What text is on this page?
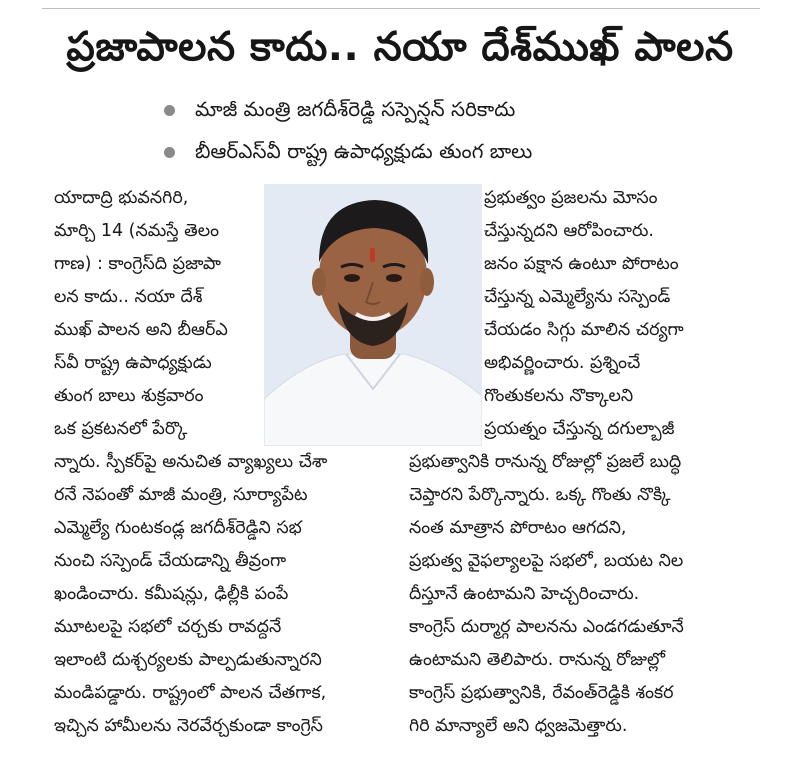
ప్రజాపాలన కాదు.. నయా దేశ్‌ముఖ్ పాలన
మాజీ మంత్రి జగదీశ్‌రెడ్డి సస్పెన్షన్ సరికాదు
బీఆర్‌ఎస్‌వీ రాష్ట్ర ఉపాధ్యక్షుడు తుంగ బాలు

యాదాద్రి భువనగిరి,

మార్చి 14 (నమస్తే తెలం

గాణ) : కాంగ్రెస్‌ది ప్రజాపా

లన కాదు.. నయా దేశ్

ముఖ్ పాలన అని బీఆర్‌ఎ

స్‌వీ రాష్ట్ర ఉపాధ్యక్షుడు

తుంగ బాలు శుక్రవారం

ఒక ప్రకటనలో పేర్కొ

ప్రభుత్వం ప్రజలను మోసం

చేస్తున్నదని ఆరోపించారు.

జనం పక్షాన ఉంటూ పోరాటం

చేస్తున్న ఎమ్మెల్యేను సస్పెండ్

చేయడం సిగ్గు మాలిన చర్యగా

అభివర్ణించారు. ప్రశ్నించే

గొంతుకలను నొక్కాలని

ప్రయత్నం చేస్తున్న దగుల్బాజీ

న్నారు. స్పీకర్‌పై అనుచిత వ్యాఖ్యలు చేశా

రనే నెపంతో మాజీ మంత్రి, సూర్యాపేట

ఎమ్మెల్యే గుంటకండ్ల జగదీశ్‌రెడ్డిని సభ

నుంచి సస్పెండ్ చేయడాన్ని తీవ్రంగా

ఖండించారు. కమీషన్లు, ఢిల్లీకి పంపే

మూటలపై సభలో చర్చకు రావద్దనే

ఇలాంటి దుశ్చర్యలకు పాల్పడుతున్నారని

మండిపడ్డారు. రాష్ట్రంలో పాలన చేతగాక,

ఇచ్చిన హామీలను నెరవేర్చకుండా కాంగ్రెస్

ప్రభుత్వానికి రానున్న రోజుల్లో ప్రజలే బుద్ధి

చెప్తారని పేర్కొన్నారు. ఒక్క గొంతు నొక్కి

నంత మాత్రాన పోరాటం ఆగదని,

ప్రభుత్వ వైఫల్యాలపై సభలో, బయట నిల

దీస్తూనే ఉంటామని హెచ్చరించారు.

కాంగ్రెస్ దుర్మార్గ పాలనను ఎండగడుతూనే

ఉంటామని తెలిపారు. రానున్న రోజుల్లో

కాంగ్రెస్ ప్రభుత్వానికి, రేవంత్‌రెడ్డికి శంకర

గిరి మాన్యాలే అని ధ్వజమెత్తారు.
